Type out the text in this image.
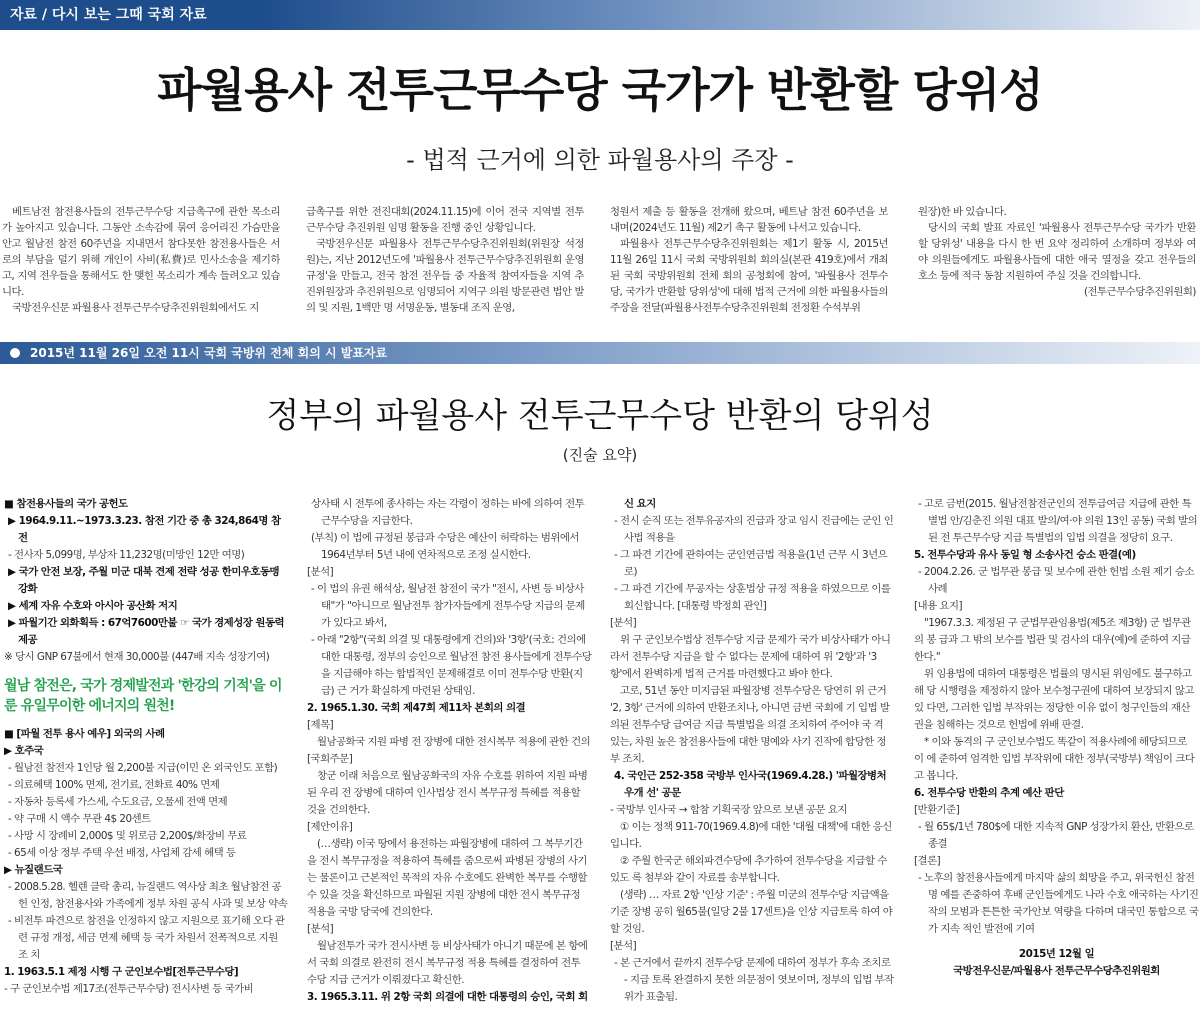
자료 / 다시 보는 그때 국회 자료
파월용사 전투근무수당 국가가 반환할 당위성
- 법적 근거에 의한 파월용사의 주장 -

베트남전 참전용사들의 전투근무수당 지급촉구에 관한 목소리가 높아지고 있습니다. 그동안 소속감에 묶여 응어리진 가슴만을 안고 월남전 참전 60주년을 지내면서 참다못한 참전용사들은 서로의 부담을 덜기 위해 개인이 사비(私費)로 민사소송을 제기하고, 지역 전우들을 통해서도 한 맺힌 목소리가 계속 들려오고 있습니다.

국방전우신문 파월용사 전투근무수당추진위원회에서도 지

급촉구를 위한 전진대회(2024.11.15)에 이어 전국 지역별 전투근무수당 추진위원 임명 활동을 진행 중인 상황입니다.

국방전우신문 파월용사 전투근무수당추진위원회(위원장 석정원)는, 지난 2012년도에 '파월용사 전투근무수당추진위원회 운영 규정'을 만들고, 전국 참전 전우들 중 자율적 참여자들을 지역 추진위원장과 추진위원으로 임명되어 지역구 의원 방문관련 법안 발의 및 지원, 1백만 명 서명운동, 별동대 조직 운영,

청원서 제출 등 활동을 전개해 왔으며, 베트남 참전 60주년을 보내며(2024년도 11월) 제2기 촉구 활동에 나서고 있습니다.

파월용사 전투근무수당추진위원회는 제1기 활동 시, 2015년 11월 26일 11시 국회 국방위원회 회의실(본관 419호)에서 개최된 국회 국방위원회 전체 회의 공청회에 참여, '파월용사 전투수당, 국가가 반환할 당위성'에 대해 법적 근거에 의한 파월용사들의 주장을 전달(파월용사전투수당추진위원회 전정환 수석부위

원장)한 바 있습니다.

당시의 국회 발표 자료인 '파월용사 전투근무수당 국가가 반환할 당위성' 내용을 다시 한 번 요약 정리하여 소개하며 정부와 여야 의원들에게도 파월용사들에 대한 애국 열정을 갖고 전우들의 호소 등에 적극 동참 지원하여 주실 것을 건의합니다.

(전투근무수당추진위원회)

2015년 11월 26일 오전 11시 국회 국방위 전체 회의 시 발표자료
정부의 파월용사 전투근무수당 반환의 당위성
(진술 요약)
■ 참전용사들의 국가 공헌도
▶ 1964.9.11.~1973.3.23. 참전 기간 중 총 324,864명 참전
- 전사자 5,099명, 부상자 11,232명(미망인 12만 여명)
▶ 국가 안전 보장, 주월 미군 대북 견제 전략 성공 한미우호동맹 강화
▶ 세계 자유 수호와 아시아 공산화 저지
▶ 파월기간 외화획득 : 67억7600만불 ☞ 국가 경제성장 원동력 제공
※ 당시 GNP 67불에서 현재 30,000불 (447배 지속 성장기여)
월남 참전은, 국가 경제발전과 '한강의 기적'을 이룬 유일무이한 에너지의 원천!
■ [파월 전투 용사 예우] 외국의 사례
▶ 호주국
- 월남전 참전자 1인당 월 2,200불 지급(이민 온 외국인도 포함)
- 의료혜택 100% 면제, 전기료, 전화료 40% 면제
- 자동차 등록세 가스세, 수도요금, 오물세 전액 면제
- 약 구매 시 액수 무관 4$ 20센트
- 사망 시 장례비 2,000$ 및 위로금 2,200$/화장비 무료
- 65세 이상 정부 주택 우선 배정, 사업체 감세 혜택 등
▶ 뉴질랜드국
- 2008.5.28. 헬렌 클락 총리, 뉴질랜드 역사상 최초 월남참전 공헌 인정, 참전용사와 가족에게 정부 차원 공식 사과 및 보상 약속
- 비전투 파견으로 참전을 인정하지 않고 지원으로 표기해 오다 관 련 규정 개정, 세금 면제 혜택 등 국가 차원서 전폭적으로 지원 조 치
1. 1963.5.1 제정 시행 구 군인보수법[전투근무수당]
- 구 군인보수법 제17조(전투근무수당) 전시사변 등 국가비
상사태 시 전투에 종사하는 자는 각령이 정하는 바에 의하여 전투근무수당을 지급한다.
(부칙) 이 법에 규정된 봉급과 수당은 예산이 허락하는 범위에서 1964년부터 5년 내에 연차적으로 조정 실시한다.
[분석]
- 이 법의 유권 해석상, 월남전 참전이 국가 "전시, 사변 등 비상사태"가 "아니므로 월남전투 참가자들에게 전투수당 지급의 문제가 있다고 봐서,
- 아래 "2항"(국회 의결 및 대통령에게 건의)와 '3항'(국호: 건의에 대한 대통령, 정부의 승인으로 월남전 참전 용사들에게 전투수당을 지급해야 하는 합법적인 문제해결로 이미 전투수당 반환(지급) 근 거가 확실하게 마련된 상태임.
2. 1965.1.30. 국회 제47회 제11차 본회의 의결
[제목]
월남공화국 지원 파병 전 장병에 대한 전시복무 적용에 관한 건의
[국회주문]
창군 이래 처음으로 월남공화국의 자유 수호를 위하여 지원 파병 된 우리 전 장병에 대하여 인사법상 전시 복무규정 특혜를 적용할 것을 건의한다.
[제안이유]
(…생략) 이국 땅에서 용전하는 파월장병에 대하여 그 복무기간을 전시 복무규정을 적용하여 특혜를 줌으로써 파병된 장병의 사기는 물론이고 근본적인 목적의 자유 수호에도 완벽한 복무를 수행할 수 있을 것을 확신하므로 파월된 지원 장병에 대한 전시 복무규정 적용을 국방 당국에 건의한다.
[분석]
월남전투가 국가 전시사변 등 비상사태가 아니기 때문에 본 항에 서 국회 의결로 완전히 전시 복무규정 적용 특혜를 결정하여 전투 수당 지급 근거가 이뤄졌다고 확신한.
3. 1965.3.11. 위 2항 국회 의결에 대한 대통령의 승인, 국회 회
신 요지
- 전시 순직 또는 전투유공자의 진급과 장교 임시 진급에는 군인 인 사법 적용을
- 그 파견 기간에 관하여는 군인연금법 적용을(1년 근무 시 3년으로)
- 그 파견 기간에 무공자는 상훈법상 규정 적용을 하였으므로 이를 회신합니다. [대통령 박정희 관인]
[분석]
위 구 군인보수법상 전투수당 지급 문제가 국가 비상사태가 아니 라서 전투수당 지급을 할 수 없다는 문제에 대하여 위 '2항'과 '3 항'에서 완벽하게 법적 근거를 마련했다고 봐야 한다.
고로, 51년 동안 미지급된 파월장병 전투수당은 당연히 위 근거 '2, 3항' 근거에 의하여 반환조치나, 아니면 금번 국회에 기 입법 발의된 전투수당 급여금 지급 특별법을 의결 조치하여 주어야 국 격 있는, 차원 높은 참전용사들에 대한 명예와 사기 진작에 합당한 정부 조치.
4. 국인근 252-358 국방부 인사국(1969.4.28.) '파월장병처우개 선' 공문
- 국방부 인사국 → 합참 기획국장 앞으로 보낸 공문 요지
① 이는 정책 911-70(1969.4.8)에 대한 '대월 대책'에 대한 응신입니다.
② 주월 한국군 해외파견수당에 추가하여 전투수당을 지급할 수 있도 록 첨부와 같이 자료를 송부합니다.
(생략) … 자료 2항 '인상 기준' : 주월 미군의 전투수당 지급액을 기준 장병 공히 월65불(일당 2불 17센트)을 인상 지급토록 하여 야 할 것임.
[분석]
- 본 근거에서 끝까지 전투수당 문제에 대하여 정부가 후속 조치로 - 지급 토록 완결하지 못한 의문점이 엿보이며, 정부의 입법 부작위가 표출됨.
- 고로 금번(2015. 월남전참전군인의 전투급여금 지급에 관한 특별법 안/김춘진 의원 대표 발의/여·야 의원 13인 공동) 국회 발의된 전 투근무수당 지급 특별법의 입법 의결을 정당히 요구.
5. 전투수당과 유사 동일 형 소송사건 승소 판결(예)
- 2004.2.26. 군 법무관 봉급 및 보수에 관한 헌법 소원 제기 승소 사례
[내용 요지]
"1967.3.3. 제정된 구 군법무관임용법(제5조 제3항) 군 법무관의 봉 급과 그 밖의 보수를 법관 및 검사의 대우(예)에 준하여 지급한다."
위 임용법에 대하여 대통령은 법률의 명시된 위임에도 불구하고 해 당 시행령을 제정하지 않아 보수청구권에 대하여 보장되지 않고 있 다면, 그러한 입법 부작위는 정당한 이유 없이 청구인들의 재산권을 침해하는 것으로 헌법에 위배 판결.
* 이와 동격의 구 군인보수법도 똑같이 적용사례에 해당되므로 이 에 준하여 엄격한 입법 부작위에 대한 정부(국방부) 책임이 크다고 봅니다.
6. 전투수당 반환의 추계 예산 판단
[반환기준]
- 월 65$/1년 780$에 대한 지속적 GNP 성장가치 환산, 반환으로 종결
[결론]
- 노후의 참전용사들에게 마지막 삶의 희망을 주고, 위국헌신 참전 명 예를 존중하여 후배 군인들에게도 나라 수호 애국하는 사기진작의 모범과 튼튼한 국가안보 역량을 다하며 대국민 통합으로 국가 지속 적인 발전에 기여
2015년 12월 일
국방전우신문/파월용사 전투근무수당추진위원회
